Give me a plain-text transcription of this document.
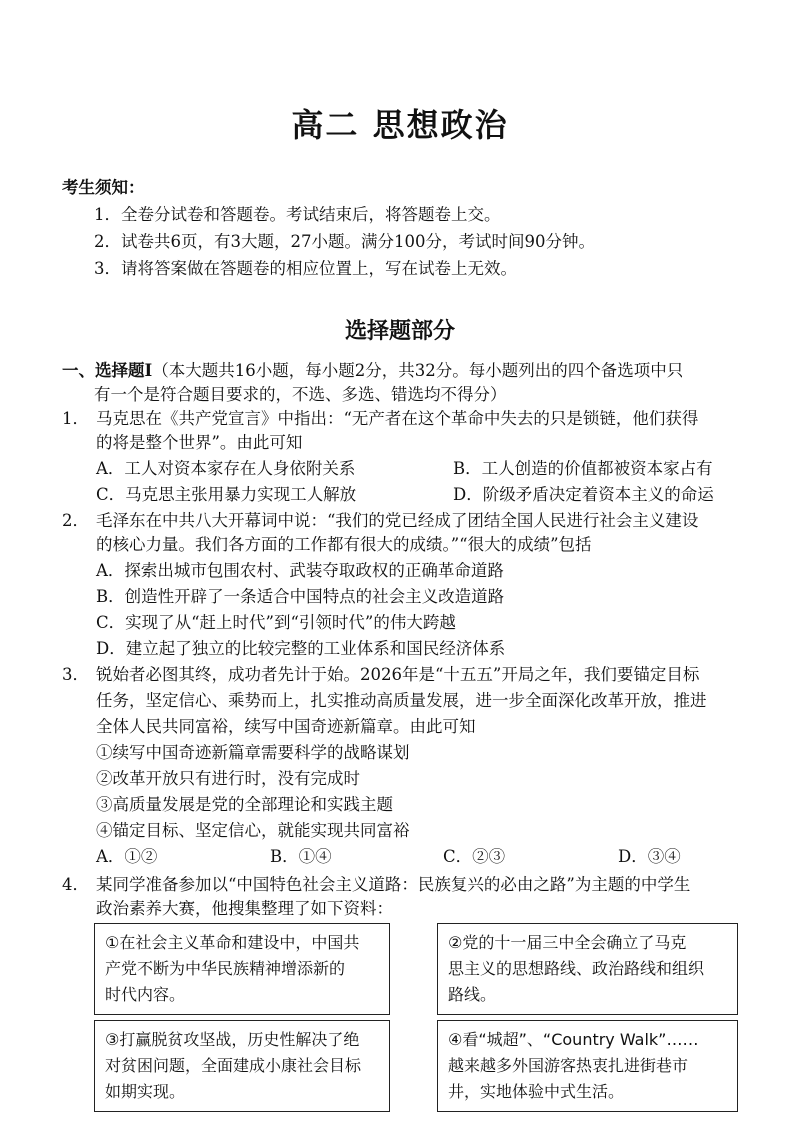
高二 思想政治
考生须知：
1．全卷分试卷和答题卷。考试结束后，将答题卷上交。
2．试卷共6页，有3大题，27小题。满分100分，考试时间90分钟。
3．请将答案做在答题卷的相应位置上，写在试卷上无效。
选择题部分
一、选择题Ⅰ（本大题共16小题，每小题2分，共32分。每小题列出的四个备选项中只
有一个是符合题目要求的，不选、多选、错选均不得分）
1． 马克思在《共产党宣言》中指出：“无产者在这个革命中失去的只是锁链，他们获得
的将是整个世界”。由此可知
A．工人对资本家存在人身依附关系	B．工人创造的价值都被资本家占有
C．马克思主张用暴力实现工人解放	D．阶级矛盾决定着资本主义的命运
2． 毛泽东在中共八大开幕词中说：“我们的党已经成了团结全国人民进行社会主义建设
的核心力量。我们各方面的工作都有很大的成绩。”“很大的成绩”包括
A．探索出城市包围农村、武装夺取政权的正确革命道路
B．创造性开辟了一条适合中国特点的社会主义改造道路
C．实现了从“赶上时代”到“引领时代”的伟大跨越
D．建立起了独立的比较完整的工业体系和国民经济体系
3． 锐始者必图其终，成功者先计于始。2026年是“十五五”开局之年，我们要锚定目标
任务，坚定信心、乘势而上，扎实推动高质量发展，进一步全面深化改革开放，推进
全体人民共同富裕，续写中国奇迹新篇章。由此可知
①续写中国奇迹新篇章需要科学的战略谋划
②改革开放只有进行时，没有完成时
③高质量发展是党的全部理论和实践主题
④锚定目标、坚定信心，就能实现共同富裕
A．①②	B．①④	C．②③	D．③④
4． 某同学准备参加以“中国特色社会主义道路：民族复兴的必由之路”为主题的中学生
政治素养大赛，他搜集整理了如下资料：
①在社会主义革命和建设中，中国共
产党不断为中华民族精神增添新的
时代内容。
②党的十一届三中全会确立了马克
思主义的思想路线、政治路线和组织
路线。
③打赢脱贫攻坚战，历史性解决了绝
对贫困问题，全面建成小康社会目标
如期实现。
④看“城超”、“Country Walk”……
越来越多外国游客热衷扎进街巷市
井，实地体验中式生活。
